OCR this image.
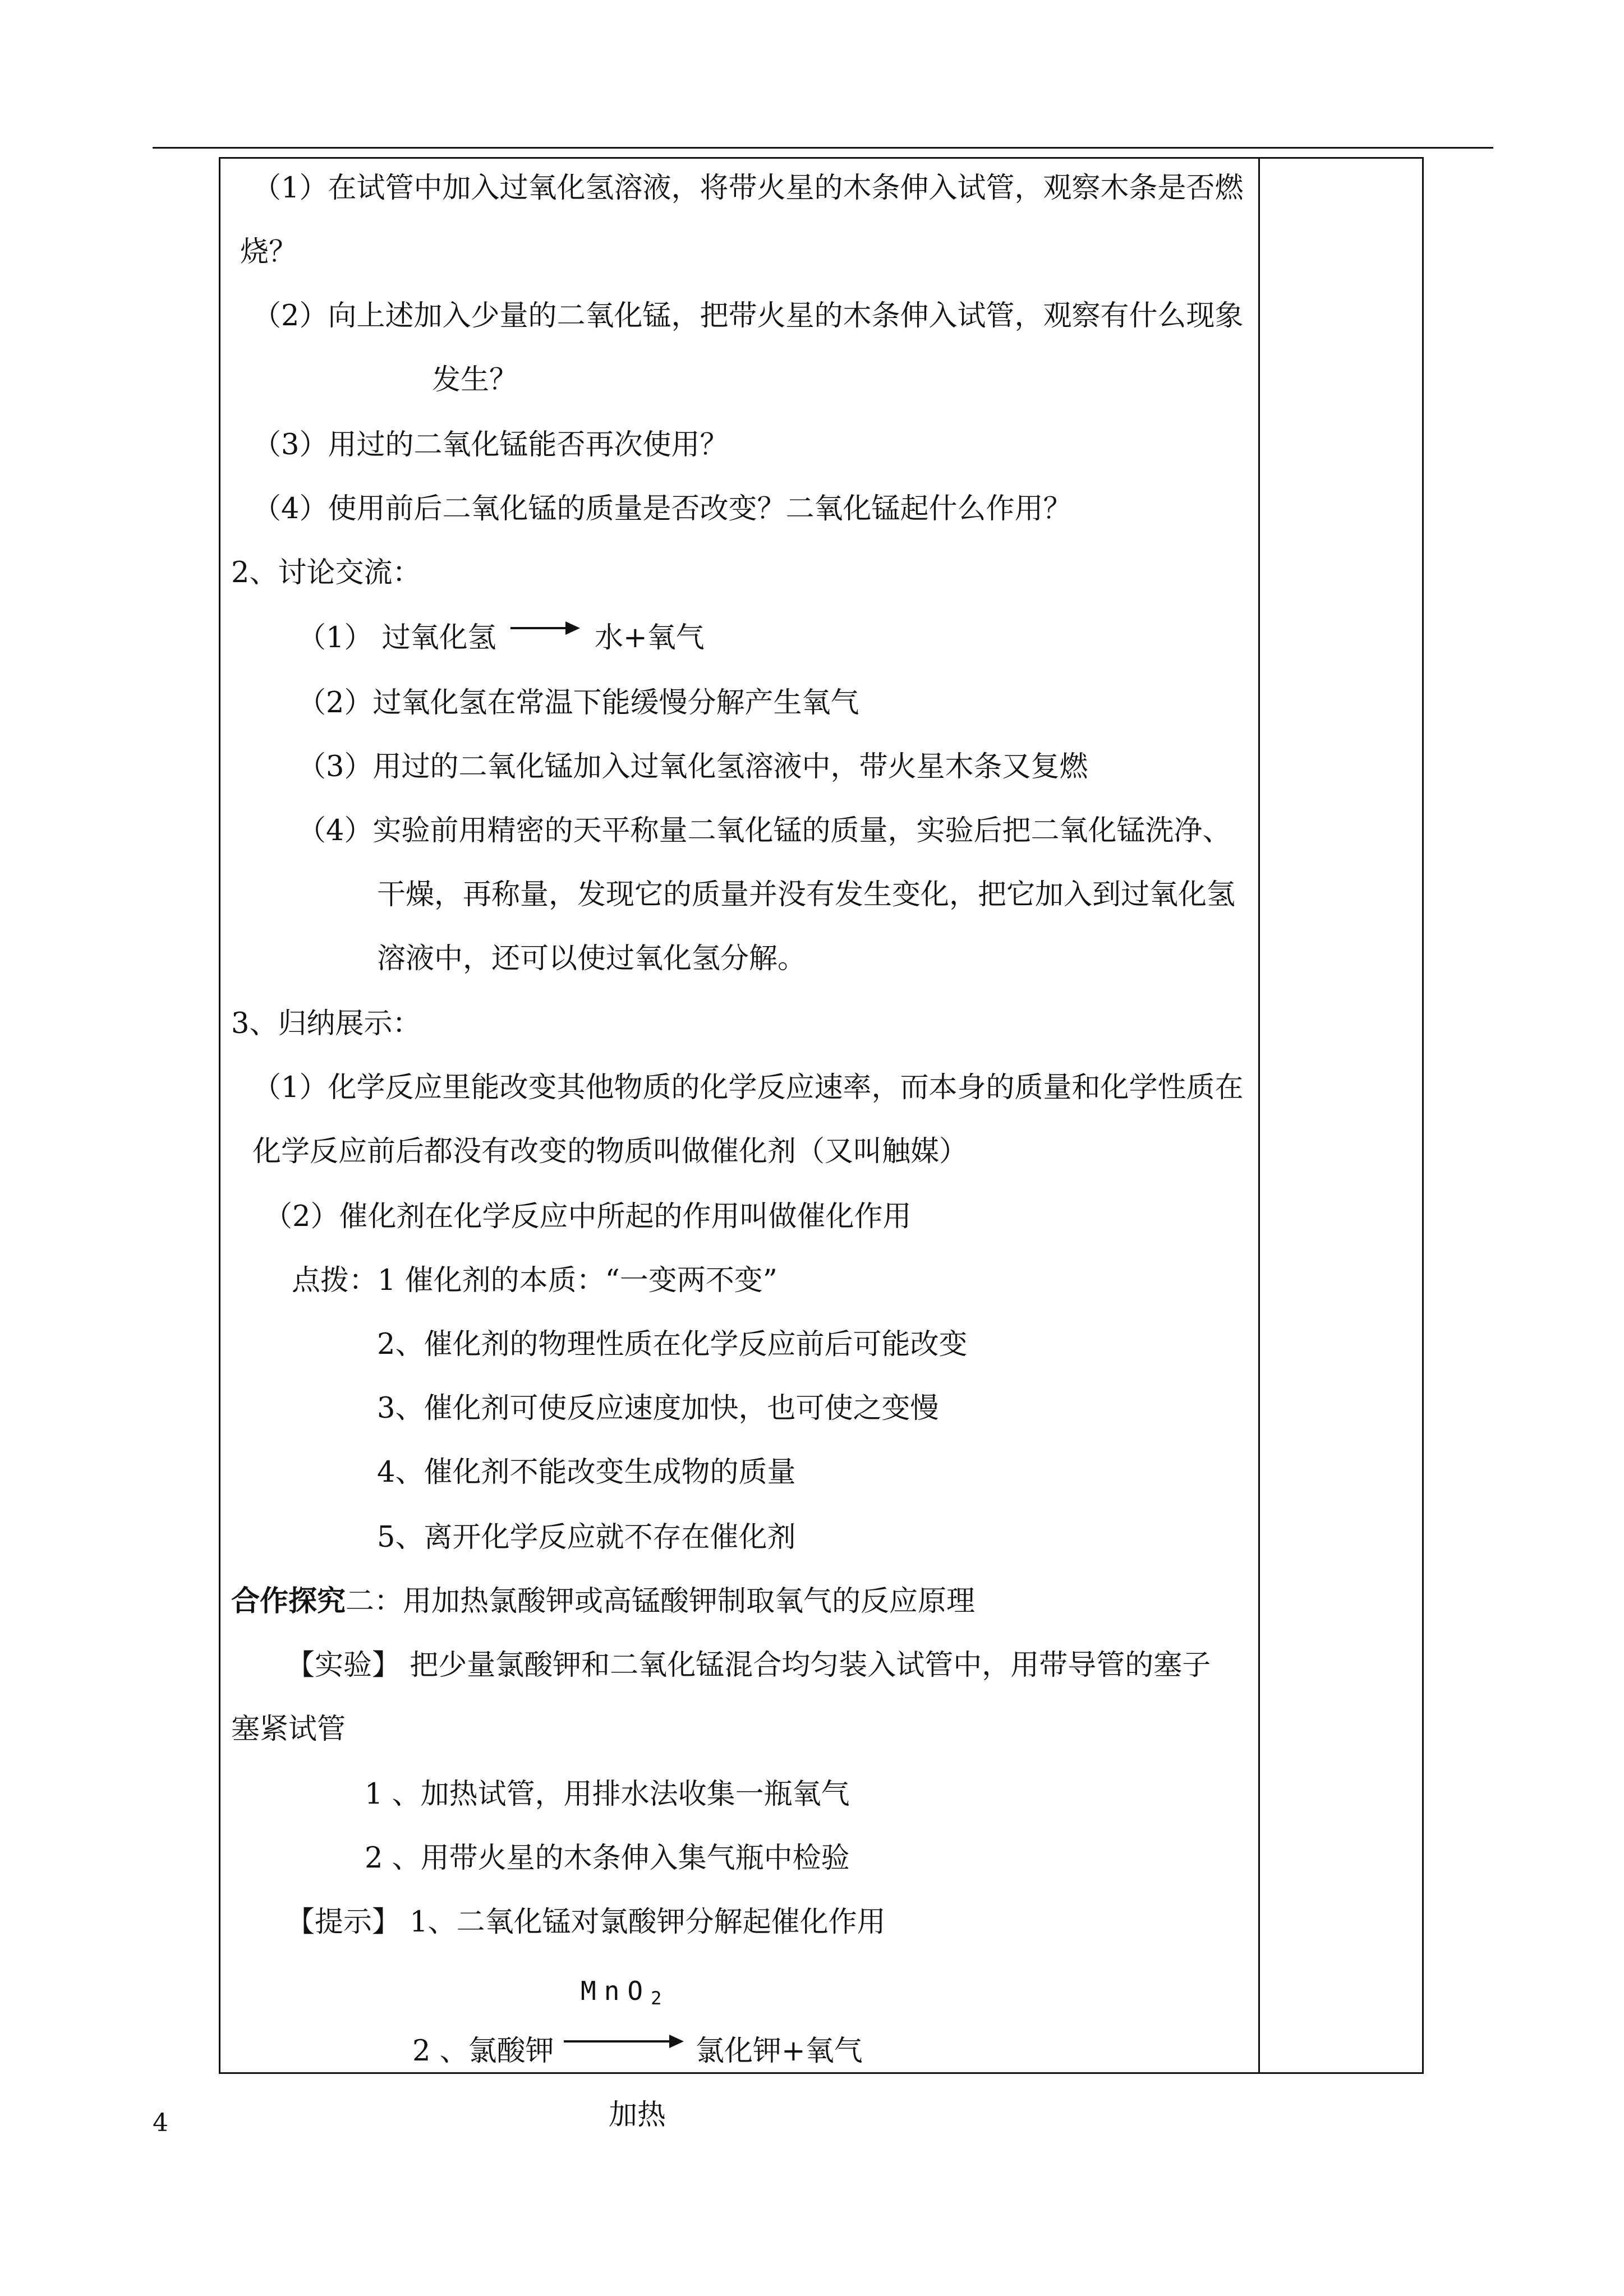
（1）在试管中加入过氧化氢溶液，将带火星的木条伸入试管，观察木条是否燃
烧？
（2）向上述加入少量的二氧化锰，把带火星的木条伸入试管，观察有什么现象
发生？
（3）用过的二氧化锰能否再次使用？
（4）使用前后二氧化锰的质量是否改变？二氧化锰起什么作用？
2、讨论交流：
（1） 过氧化氢	水+氧气
（2）过氧化氢在常温下能缓慢分解产生氧气
（3）用过的二氧化锰加入过氧化氢溶液中，带火星木条又复燃
（4）实验前用精密的天平称量二氧化锰的质量，实验后把二氧化锰洗净、
干燥，再称量，发现它的质量并没有发生变化，把它加入到过氧化氢
溶液中，还可以使过氧化氢分解。
3、归纳展示：
（1）化学反应里能改变其他物质的化学反应速率，而本身的质量和化学性质在
化学反应前后都没有改变的物质叫做催化剂（又叫触媒）
（2）催化剂在化学反应中所起的作用叫做催化作用
点拨：1 催化剂的本质：“一变两不变”
2、催化剂的物理性质在化学反应前后可能改变
3、催化剂可使反应速度加快，也可使之变慢
4、催化剂不能改变生成物的质量
5、离开化学反应就不存在催化剂
合作探究二：用加热氯酸钾或高锰酸钾制取氧气的反应原理
【实验】 把少量氯酸钾和二氧化锰混合均匀装入试管中，用带导管的塞子
塞紧试管
1 、加热试管，用排水法收集一瓶氧气
2 、用带火星的木条伸入集气瓶中检验
【提示】 1、二氧化锰对氯酸钾分解起催化作用
MnO$_2$
2 、氯酸钾	氯化钾+氧气
加热
4
